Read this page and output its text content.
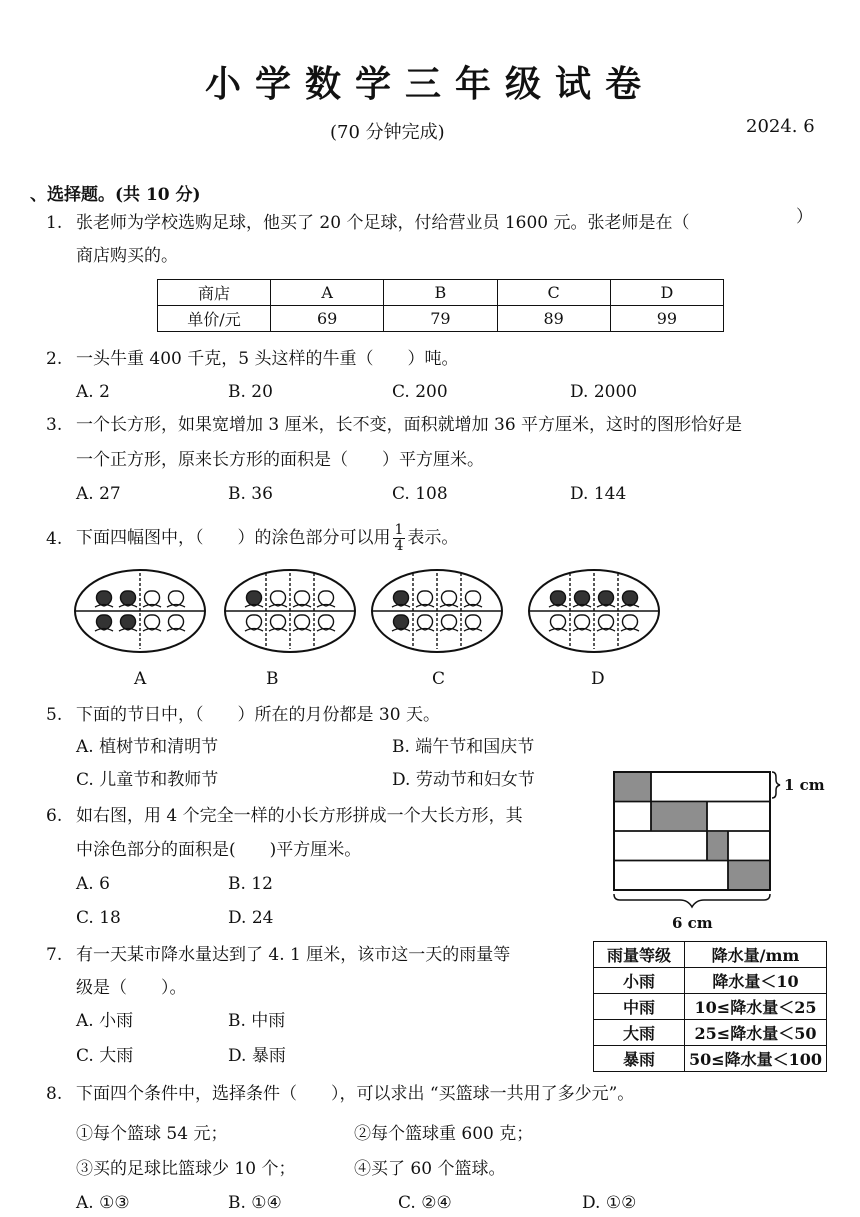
小学数学三年级试卷
(70 分钟完成)	2024. 6
、选择题。(共 10 分)
1. 张老师为学校选购足球，他买了 20 个足球，付给营业员 1600 元。张老师是在（	）
商店购买的。
商店	A	B	C	D
单价/元	69	79	89	99
2. 一头牛重 400 千克，5 头这样的牛重（　　）吨。
A. 2	B. 20	C. 200	D. 2000
3. 一个长方形，如果宽增加 3 厘米，长不变，面积就增加 36 平方厘米，这时的图形恰好是
一个正方形，原来长方形的面积是（　　）平方厘米。
A. 27	B. 36	C. 108	D. 144
4. 下面四幅图中，（　　）的涂色部分可以用 $\frac{1}{4}$ 表示。
A	B	C	D
5. 下面的节日中，（　　）所在的月份都是 30 天。
A. 植树节和清明节	B. 端午节和国庆节
C. 儿童节和教师节	D. 劳动节和妇女节
6. 如右图，用 4 个完全一样的小长方形拼成一个大长方形，其
中涂色部分的面积是(　　)平方厘米。
A. 6	B. 12
C. 18	D. 24
1 cm
6 cm
7. 有一天某市降水量达到了 4. 1 厘米，该市这一天的雨量等
级是（　　）。
A. 小雨	B. 中雨
C. 大雨	D. 暴雨
雨量等级	降水量/mm
小雨	降水量＜10
中雨	10≤降水量＜25
大雨	25≤降水量＜50
暴雨	50≤降水量＜100
8. 下面四个条件中，选择条件（　　），可以求出 “买篮球一共用了多少元”。
①每个篮球 54 元；	②每个篮球重 600 克；
③买的足球比篮球少 10 个；	④买了 60 个篮球。
A. ①③	B. ①④	C. ②④	D. ①②
